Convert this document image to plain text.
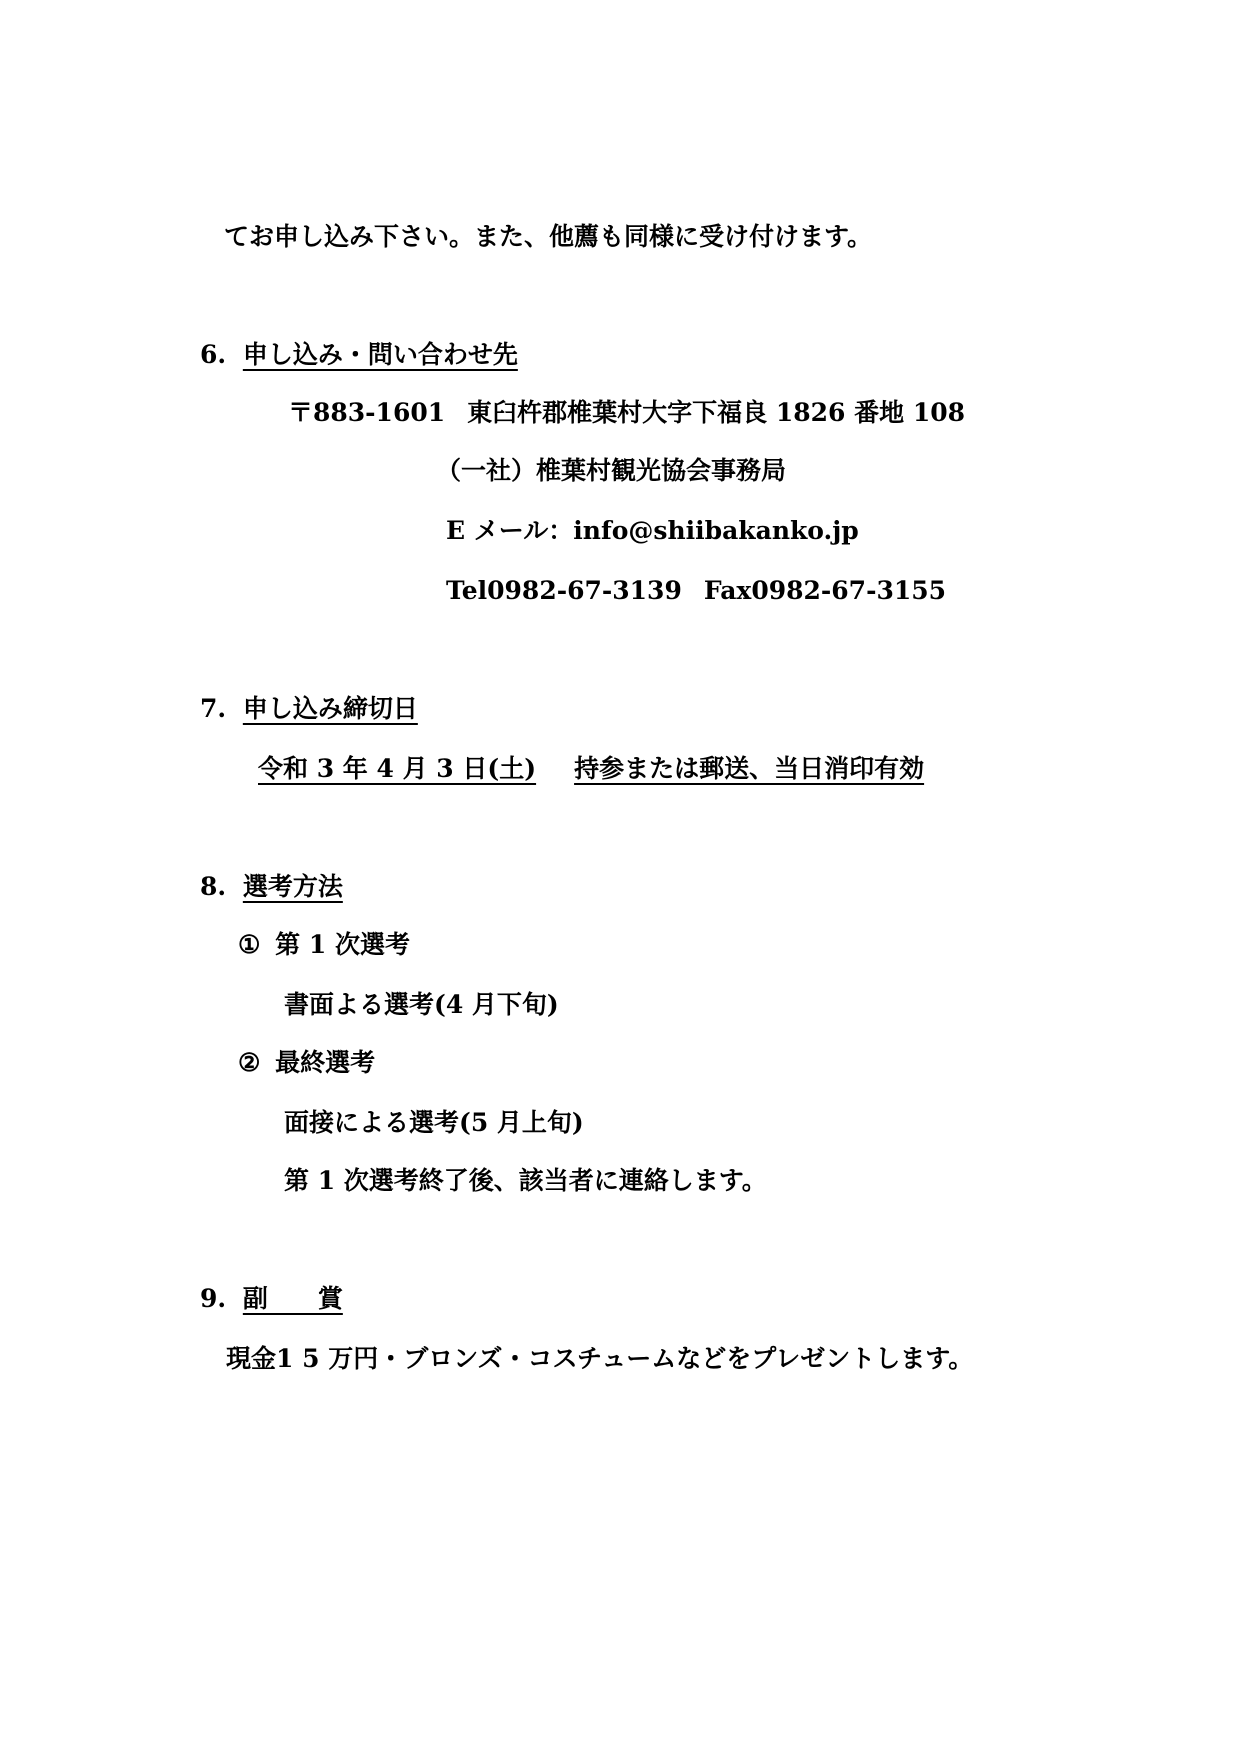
てお申し込み下さい。また、他薦も同様に受け付けます。
6. 申し込み・問い合わせ先
〒883-1601 東臼杵郡椎葉村大字下福良 1826 番地 108
（一社）椎葉村観光協会事務局
E メール：info@shiibakanko.jp
Tel0982-67-3139 Fax0982-67-3155
7. 申し込み締切日
令和 3 年 4 月 3 日(土) 持参または郵送、当日消印有効
8. 選考方法
① 第 1 次選考
書面よる選考(4 月下旬)
② 最終選考
面接による選考(5 月上旬)
第 1 次選考終了後、該当者に連絡します。
9. 副　　賞
現金1 5 万円・ブロンズ・コスチュームなどをプレゼントします。
